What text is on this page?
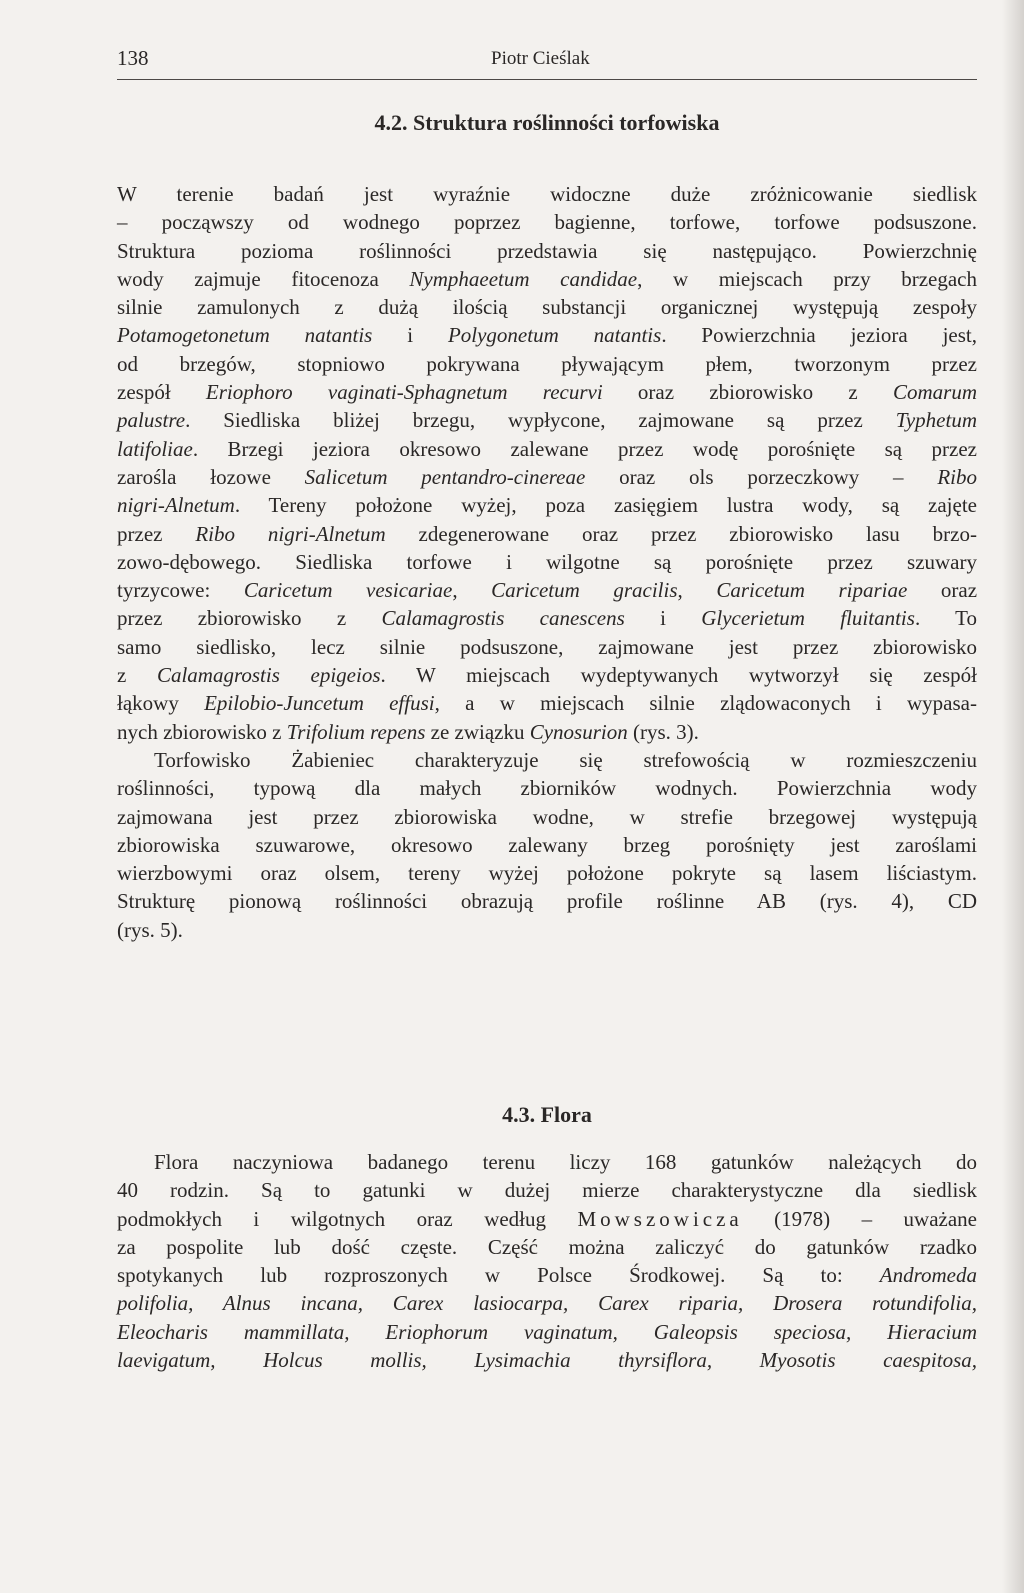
138	Piotr Cieślak
4.2. Struktura roślinności torfowiska
W terenie badań jest wyraźnie widoczne duże zróżnicowanie siedlisk
– począwszy od wodnego poprzez bagienne, torfowe, torfowe podsuszone.
Struktura pozioma roślinności przedstawia się następująco. Powierzchnię
wody zajmuje fitocenoza Nymphaeetum candidae, w miejscach przy brzegach
silnie zamulonych z dużą ilością substancji organicznej występują zespoły
Potamogetonetum natantis i Polygonetum natantis. Powierzchnia jeziora jest,
od brzegów, stopniowo pokrywana pływającym płem, tworzonym przez
zespół Eriophoro vaginati-Sphagnetum recurvi oraz zbiorowisko z Comarum
palustre. Siedliska bliżej brzegu, wypłycone, zajmowane są przez Typhetum
latifoliae. Brzegi jeziora okresowo zalewane przez wodę porośnięte są przez
zarośla łozowe Salicetum pentandro-cinereae oraz ols porzeczkowy – Ribo
nigri-Alnetum. Tereny położone wyżej, poza zasięgiem lustra wody, są zajęte
przez Ribo nigri-Alnetum zdegenerowane oraz przez zbiorowisko lasu brzo-
zowo-dębowego. Siedliska torfowe i wilgotne są porośnięte przez szuwary
tyrzycowe: Caricetum vesicariae, Caricetum gracilis, Caricetum ripariae oraz
przez zbiorowisko z Calamagrostis canescens i Glycerietum fluitantis. To
samo siedlisko, lecz silnie podsuszone, zajmowane jest przez zbiorowisko
z Calamagrostis epigeios. W miejscach wydeptywanych wytworzył się zespół
łąkowy Epilobio-Juncetum effusi, a w miejscach silnie zlądowaconych i wypasa-
nych zbiorowisko z Trifolium repens ze związku Cynosurion (rys. 3).
Torfowisko Żabieniec charakteryzuje się strefowością w rozmieszczeniu
roślinności, typową dla małych zbiorników wodnych. Powierzchnia wody
zajmowana jest przez zbiorowiska wodne, w strefie brzegowej występują
zbiorowiska szuwarowe, okresowo zalewany brzeg porośnięty jest zaroślami
wierzbowymi oraz olsem, tereny wyżej położone pokryte są lasem liściastym.
Strukturę pionową roślinności obrazują profile roślinne AB (rys. 4), CD
(rys. 5).
4.3. Flora
Flora naczyniowa badanego terenu liczy 168 gatunków należących do
40 rodzin. Są to gatunki w dużej mierze charakterystyczne dla siedlisk
podmokłych i wilgotnych oraz według Mowszowicza (1978) – uważane
za pospolite lub dość częste. Część można zaliczyć do gatunków rzadko
spotykanych lub rozproszonych w Polsce Środkowej. Są to: Andromeda
polifolia, Alnus incana, Carex lasiocarpa, Carex riparia, Drosera rotundifolia,
Eleocharis mammillata, Eriophorum vaginatum, Galeopsis speciosa, Hieracium
laevigatum, Holcus mollis, Lysimachia thyrsiflora, Myosotis caespitosa,
